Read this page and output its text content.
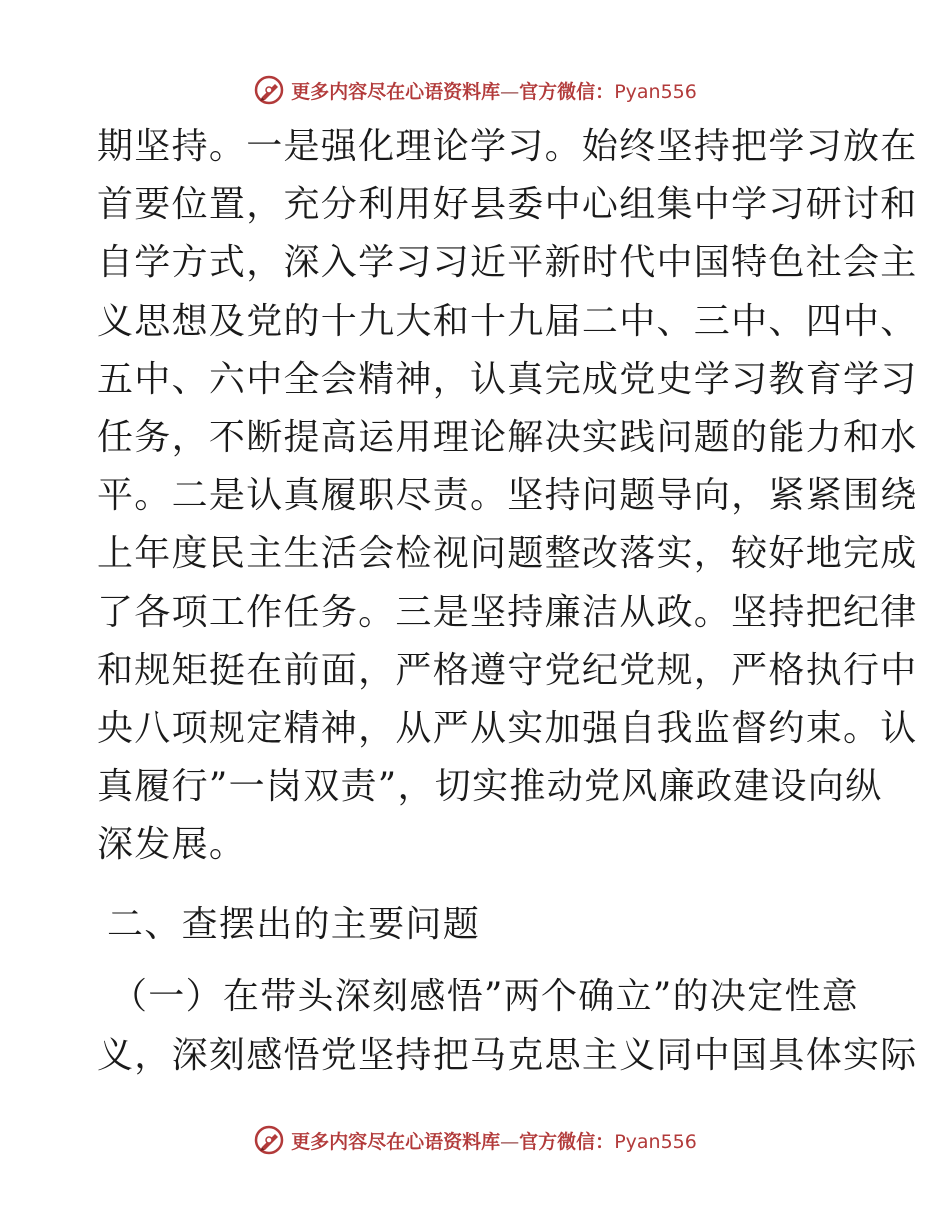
更多内容尽在心语资料库—官方微信：Pyan556
期坚持。一是强化理论学习。始终坚持把学习放在
首要位置，充分利用好县委中心组集中学习研讨和
自学方式，深入学习习近平新时代中国特色社会主
义思想及党的十九大和十九届二中、三中、四中、
五中、六中全会精神，认真完成党史学习教育学习
任务，不断提高运用理论解决实践问题的能力和水
平。二是认真履职尽责。坚持问题导向，紧紧围绕
上年度民主生活会检视问题整改落实，较好地完成
了各项工作任务。三是坚持廉洁从政。坚持把纪律
和规矩挺在前面，严格遵守党纪党规，严格执行中
央八项规定精神，从严从实加强自我监督约束。认
真履行”一岗双责”，切实推动党风廉政建设向纵
深发展。
二、查摆出的主要问题
（一）在带头深刻感悟”两个确立”的决定性意
义，深刻感悟党坚持把马克思主义同中国具体实际
更多内容尽在心语资料库—官方微信：Pyan556
